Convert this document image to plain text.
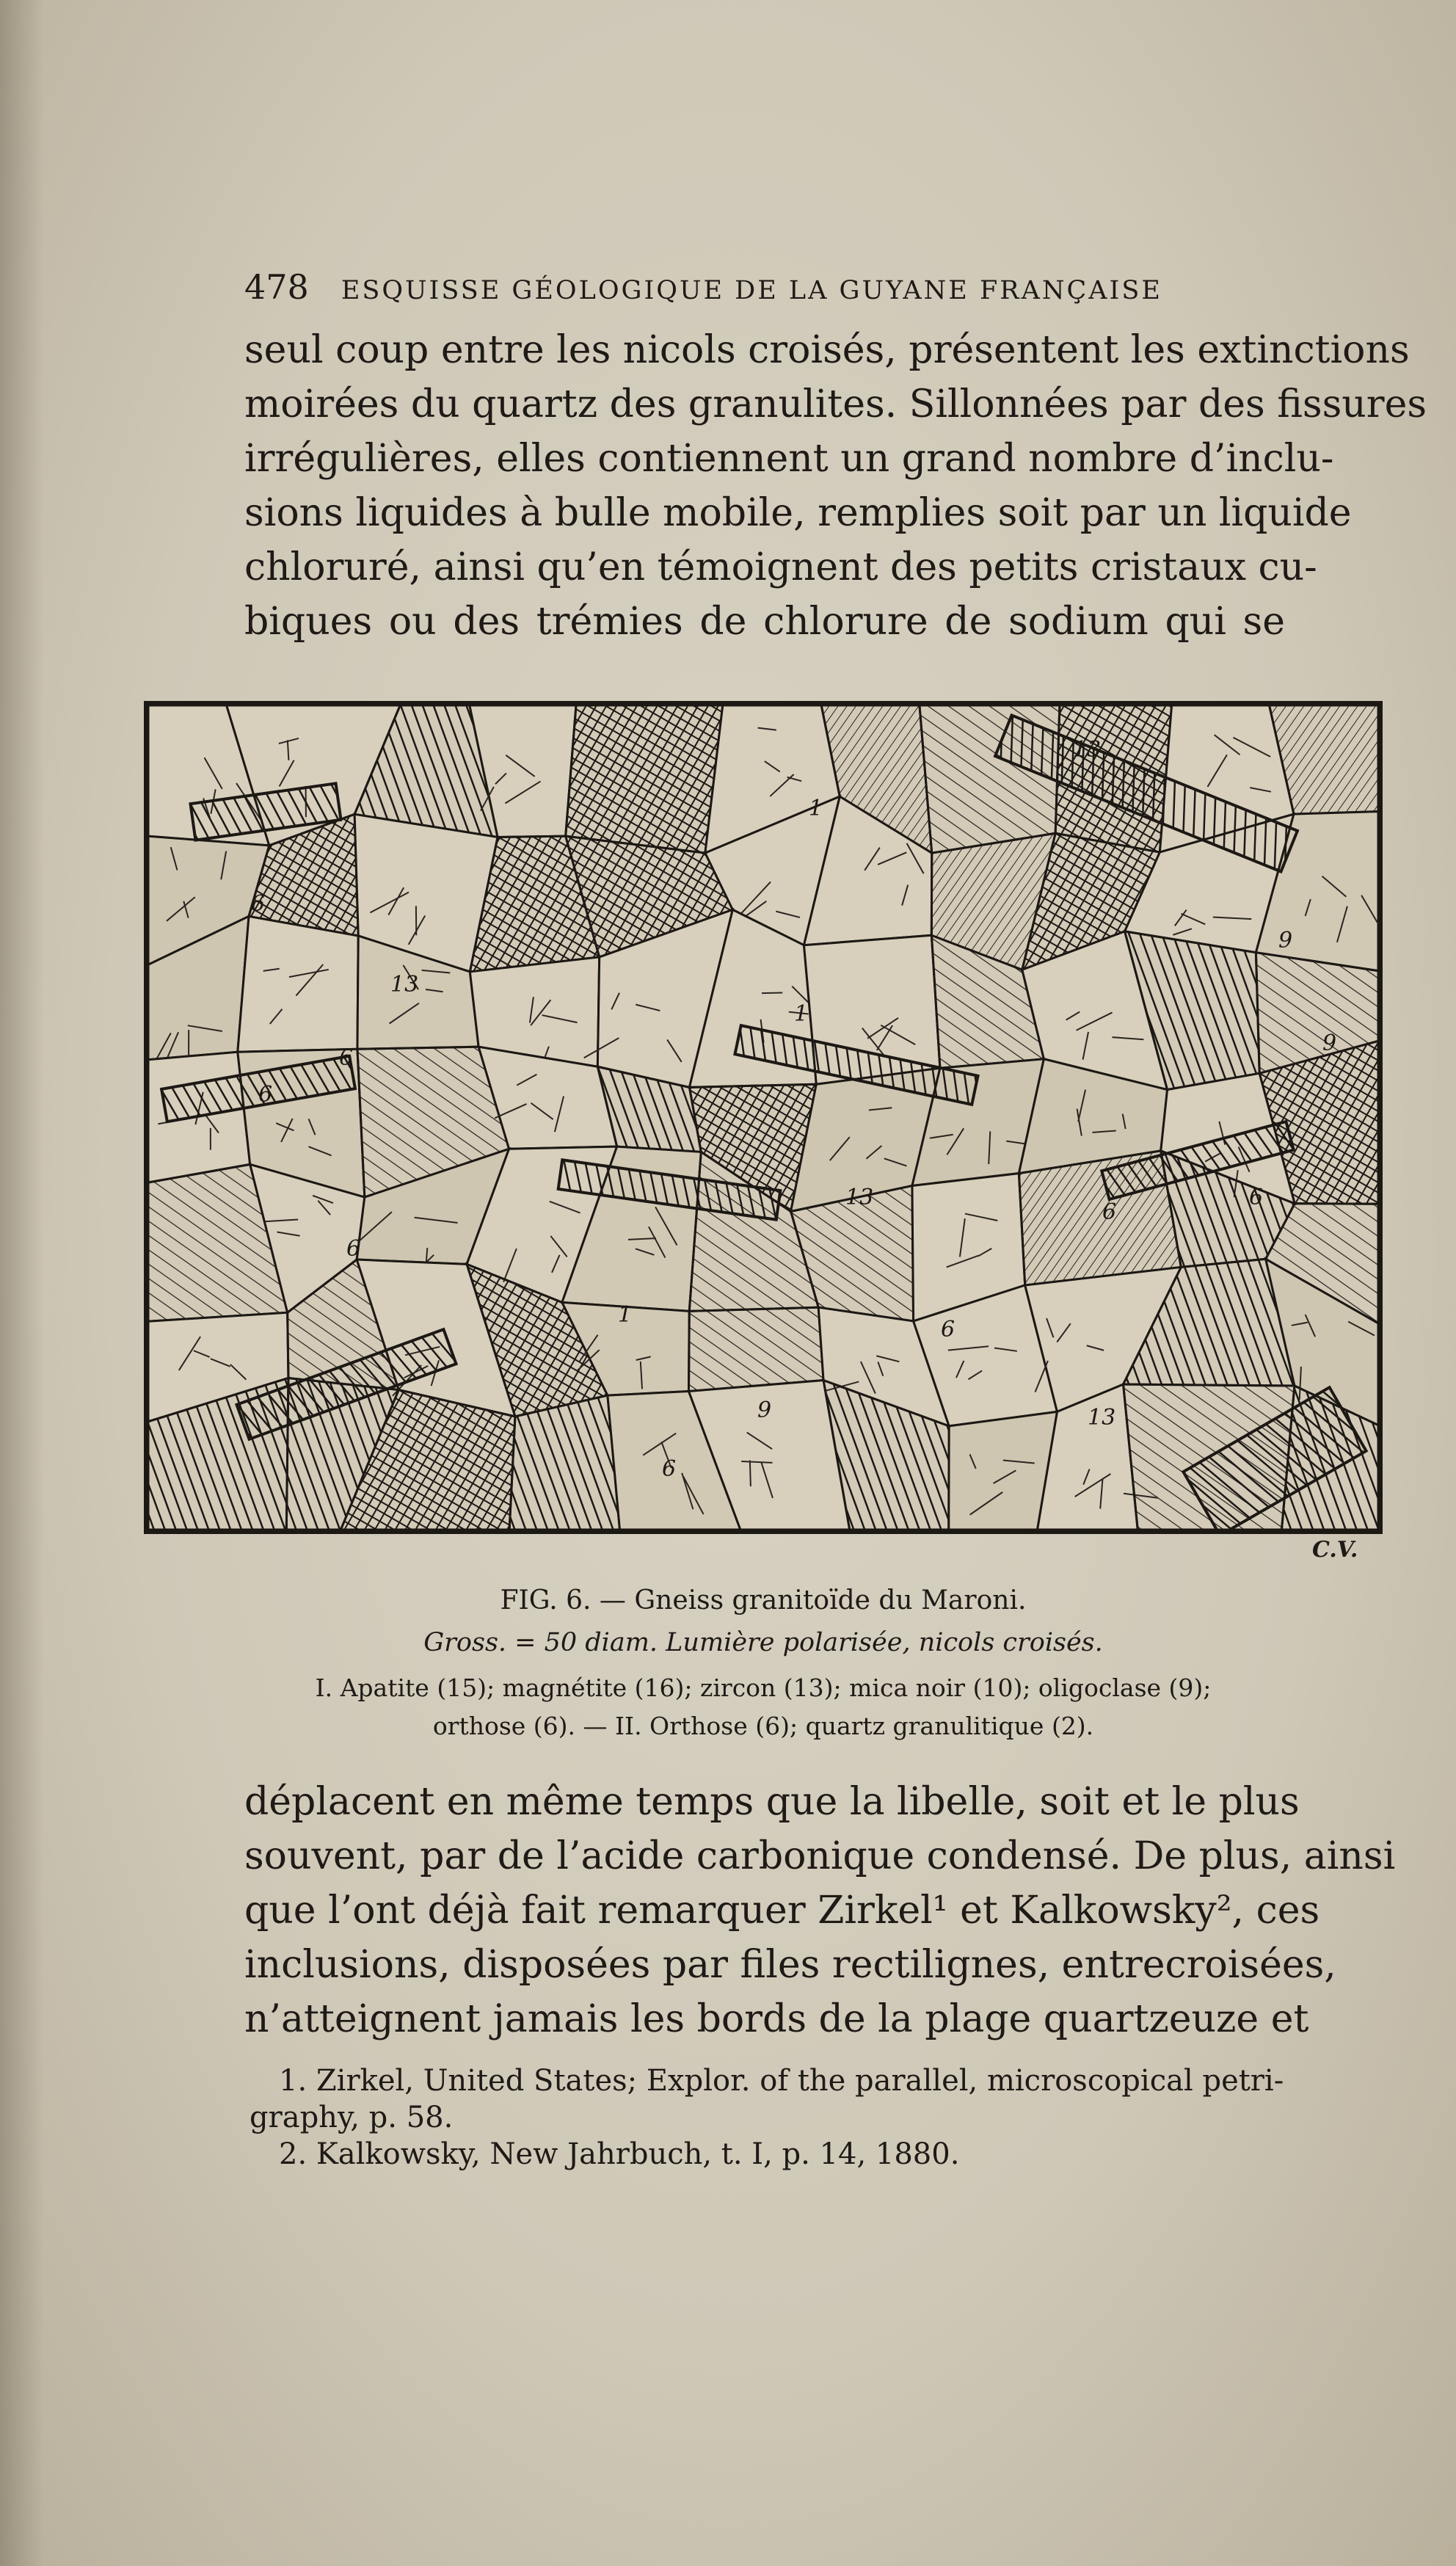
478 ESQUISSE GÉOLOGIQUE DE LA GUYANE FRANÇAISE
seul coup entre les nicols croisés, présentent les extinctions
moirées du quartz des granulites. Sillonnées par des fissures
irrégulières, elles contiennent un grand nombre d’inclu-
sions liquides à bulle mobile, remplies soit par un liquide
chloruré, ainsi qu’en témoignent des petits cristaux cu-
biques ou des trémies de chlorure de sodium qui se
6
13
9
6
1
13
1
9
6
13
6
6
1
6
6
13
9
6
C.V.
FIG. 6. — Gneiss granitoïde du Maroni.
Gross. = 50 diam. Lumière polarisée, nicols croisés.
I. Apatite (15); magnétite (16); zircon (13); mica noir (10); oligoclase (9);
orthose (6). — II. Orthose (6); quartz granulitique (2).
déplacent en même temps que la libelle, soit et le plus
souvent, par de l’acide carbonique condensé. De plus, ainsi
que l’ont déjà fait remarquer Zirkel¹ et Kalkowsky², ces
inclusions, disposées par files rectilignes, entrecroisées,
n’atteignent jamais les bords de la plage quartzeuze et
1. Zirkel, United States; Explor. of the parallel, microscopical petri-
graphy, p. 58.
2. Kalkowsky, New Jahrbuch, t. I, p. 14, 1880.
